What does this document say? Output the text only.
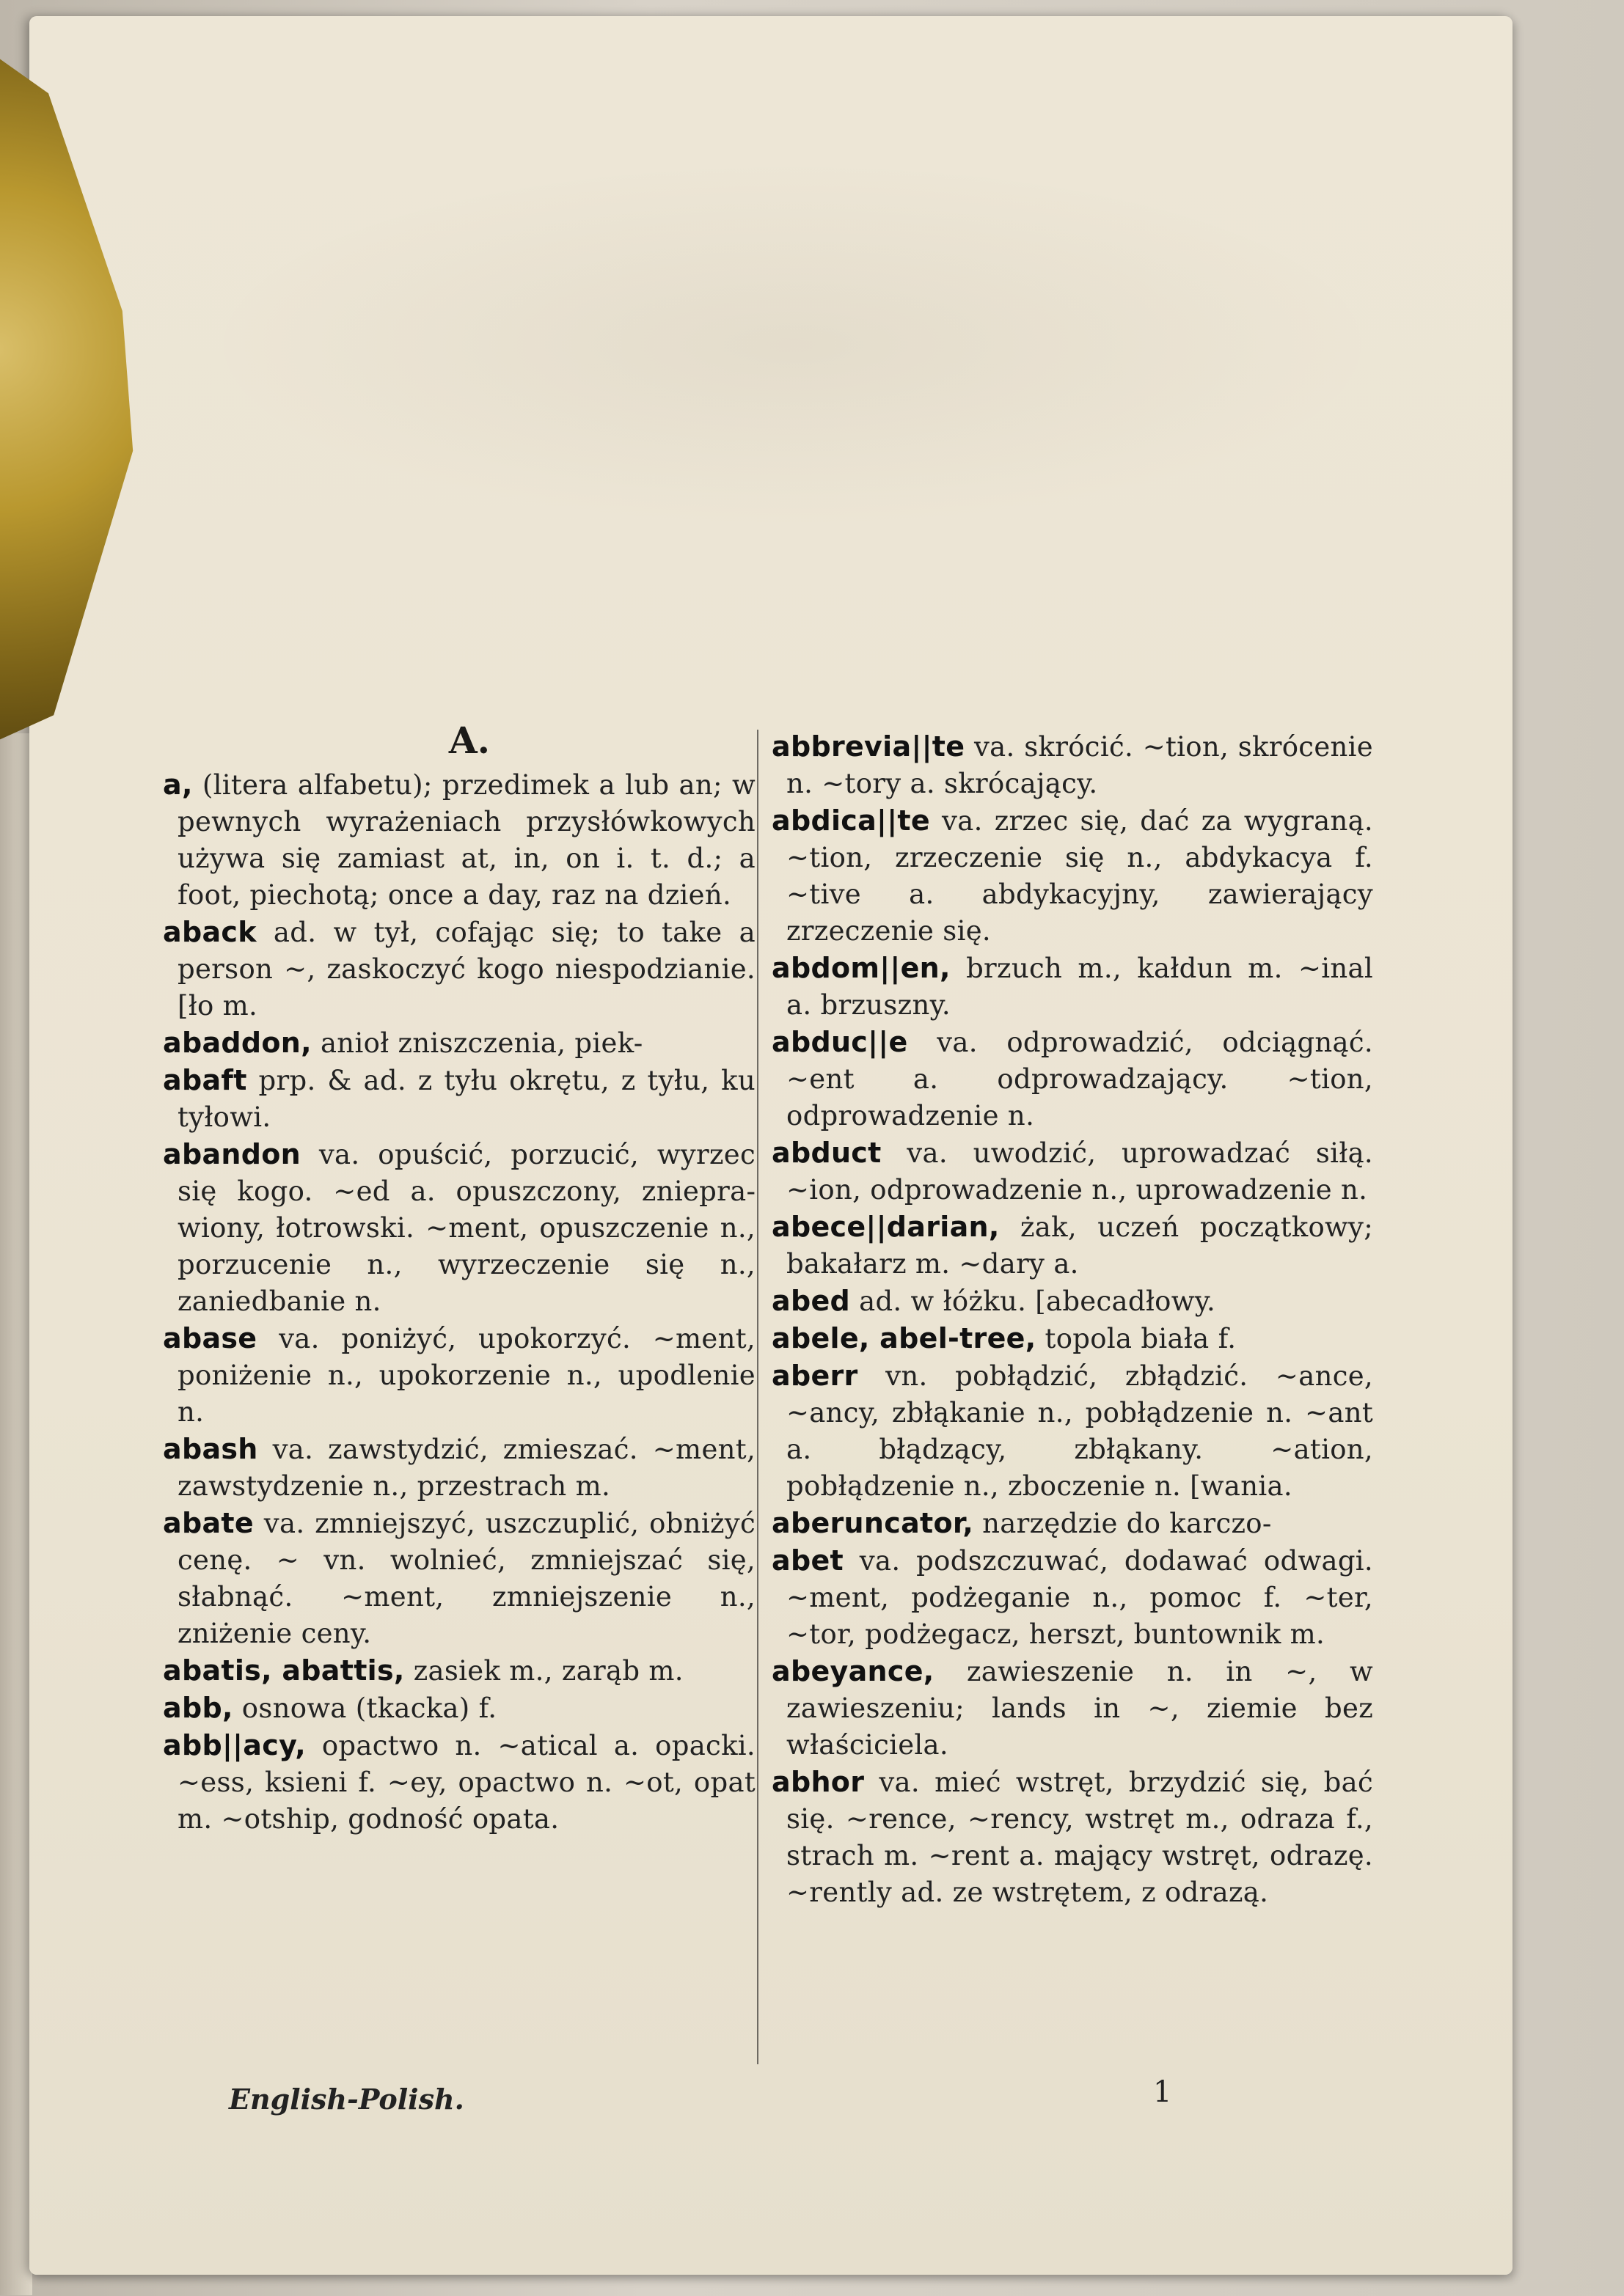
A.

a, (litera alfabetu); przedimek a lub an; w pewnych wyrażeniach przysłówkowych używa się zamiast at, in, on i. t. d.; a foot, piechotą; once a day, raz na dzień.

aback ad. w tył, cofając się; to take a person ~, zaskoczyć kogo niespodzianie. [ło m.

abaddon, anioł zniszczenia, piek-

abaft prp. & ad. z tyłu okrętu, z tyłu, ku tyłowi.

abandon va. opuścić, porzucić, wyrzec się kogo. ~ed a. opuszczony, znieprawiony, łotrowski. ~ment, opuszczenie n., porzucenie n., wyrzeczenie się n., zaniedbanie n.

abase va. poniżyć, upokorzyć. ~ment, poniżenie n., upokorzenie n., upodlenie n.

abash va. zawstydzić, zmieszać. ~ment, zawstydzenie n., przestrach m.

abate va. zmniejszyć, uszczuplić, obniżyć cenę. ~ vn. wolnieć, zmniejszać się, słabnąć. ~ment, zmniejszenie n., zniżenie ceny.

abatis, abattis, zasiek m., zarąb m.

abb, osnowa (tkacka) f.

abb||acy, opactwo n. ~atical a. opacki. ~ess, ksieni f. ~ey, opactwo n. ~ot, opat m. ~otship, godność opata.

abbrevia||te va. skrócić. ~tion, skrócenie n. ~tory a. skrócający.

abdica||te va. zrzec się, dać za wygraną. ~tion, zrzeczenie się n., abdykacya f. ~tive a. abdykacyjny, zawierający zrzeczenie się.

abdom||en, brzuch m., kałdun m. ~inal a. brzuszny.

abduc||e va. odprowadzić, odciągnąć. ~ent a. odprowadzający. ~tion, odprowadzenie n.

abduct va. uwodzić, uprowadzać siłą. ~ion, odprowadzenie n., uprowadzenie n.

abece||darian, żak, uczeń początkowy; bakałarz m. ~dary a.

abed ad. w łóżku. [abecadłowy.

abele, abel-tree, topola biała f.

aberr vn. pobłądzić, zbłądzić. ~ance, ~ancy, zbłąkanie n., pobłądzenie n. ~ant a. błądzący, zbłąkany. ~ation, pobłądzenie n., zboczenie n. [wania.

aberuncator, narzędzie do karczo-

abet va. podszczuwać, dodawać odwagi. ~ment, podżeganie n., pomoc f. ~ter, ~tor, podżegacz, herszt, buntownik m.

abeyance, zawieszenie n. in ~, w zawieszeniu; lands in ~, ziemie bez właściciela.

abhor va. mieć wstręt, brzydzić się, bać się. ~rence, ~rency, wstręt m., odraza f., strach m. ~rent a. mający wstręt, odrazę. ~rently ad. ze wstrętem, z odrazą.

English-Polish.	1
